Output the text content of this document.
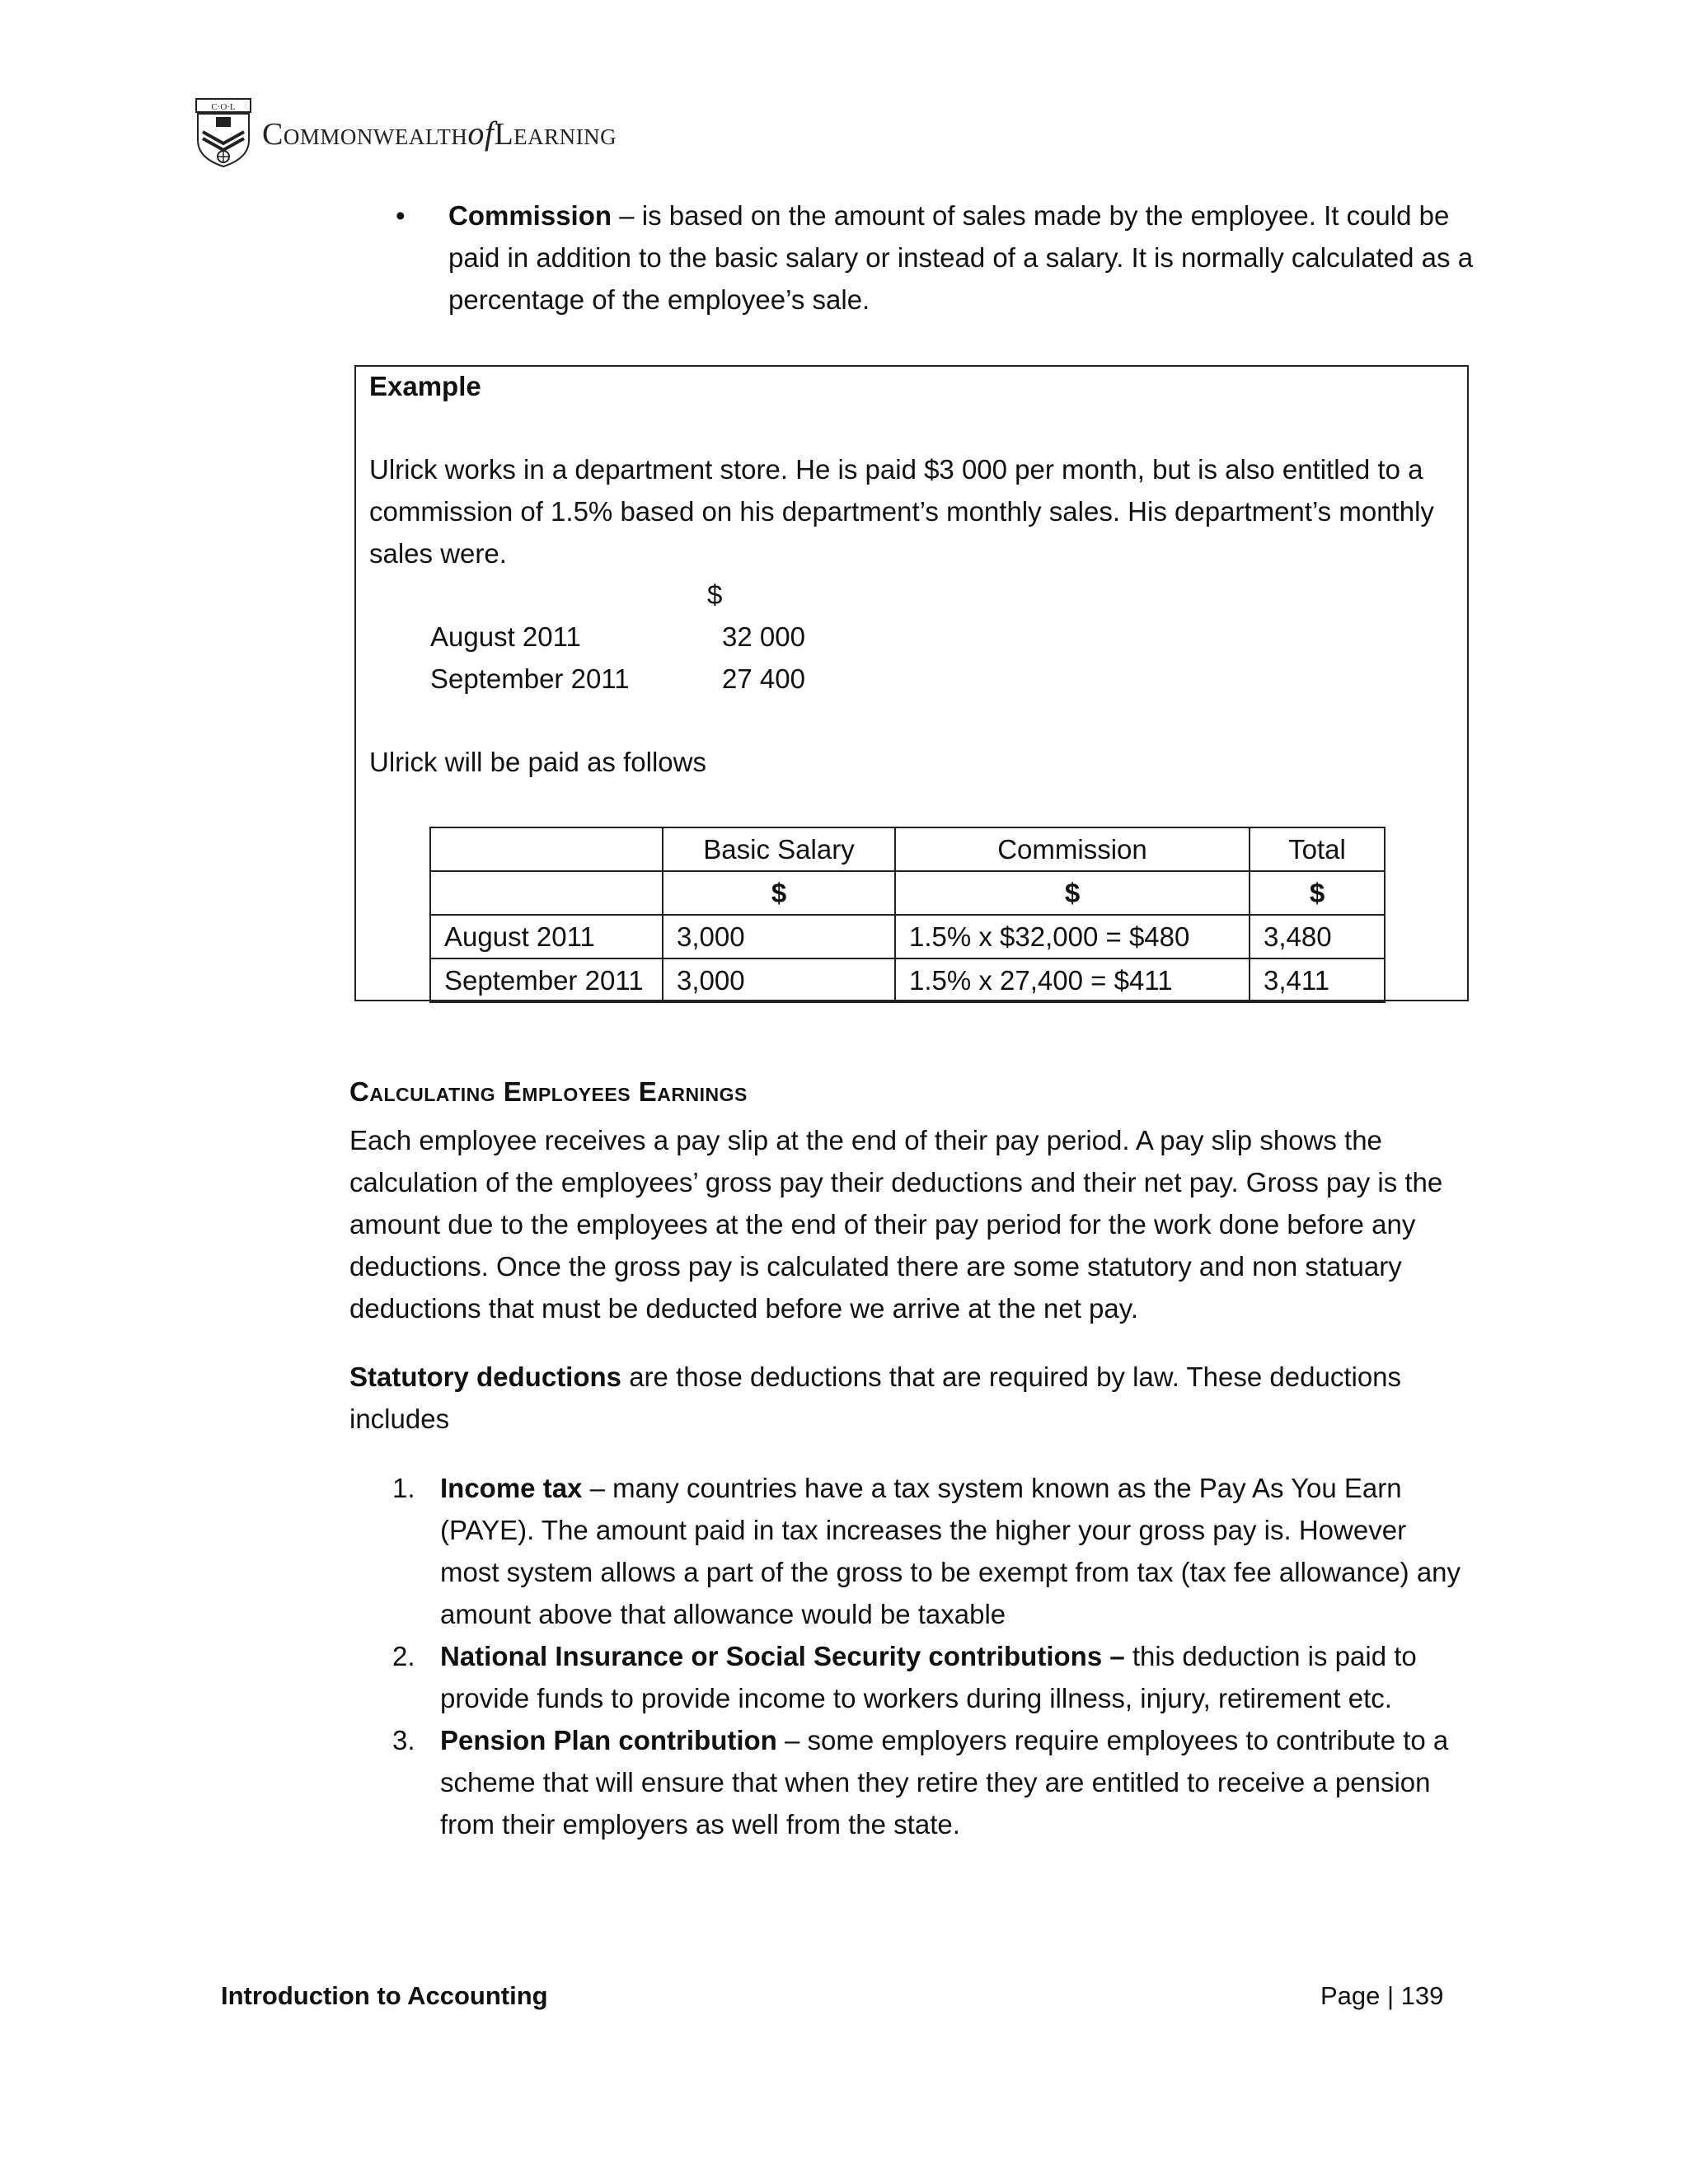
C·O·L
CommonwealthofLearning
• Commission – is based on the amount of sales made by the employee. It could be paid in addition to the basic salary or instead of a salary. It is normally calculated as a percentage of the employee’s sale.
Example
Ulrick works in a department store. He is paid $3 000 per month, but is also entitled to a commission of 1.5% based on his department’s monthly sales. His department’s monthly sales were.
$
August 2011	32 000
September 2011	27 400
Ulrick will be paid as follows
	Basic Salary	Commission	Total
	$	$	$
August 2011	3,000	1.5% x $32,000 = $480	3,480
September 2011	3,000	1.5% x 27,400 = $411	3,411
Calculating Employees Earnings
Each employee receives a pay slip at the end of their pay period. A pay slip shows the calculation of the employees’ gross pay their deductions and their net pay. Gross pay is the amount due to the employees at the end of their pay period for the work done before any deductions. Once the gross pay is calculated there are some statutory and non statuary deductions that must be deducted before we arrive at the net pay.
Statutory deductions are those deductions that are required by law. These deductions includes
1. Income tax – many countries have a tax system known as the Pay As You Earn (PAYE). The amount paid in tax increases the higher your gross pay is. However most system allows a part of the gross to be exempt from tax (tax fee allowance) any amount above that allowance would be taxable
2. National Insurance or Social Security contributions – this deduction is paid to provide funds to provide income to workers during illness, injury, retirement etc.
3. Pension Plan contribution – some employers require employees to contribute to a scheme that will ensure that when they retire they are entitled to receive a pension from their employers as well from the state.
Introduction to Accounting	Page | 139
